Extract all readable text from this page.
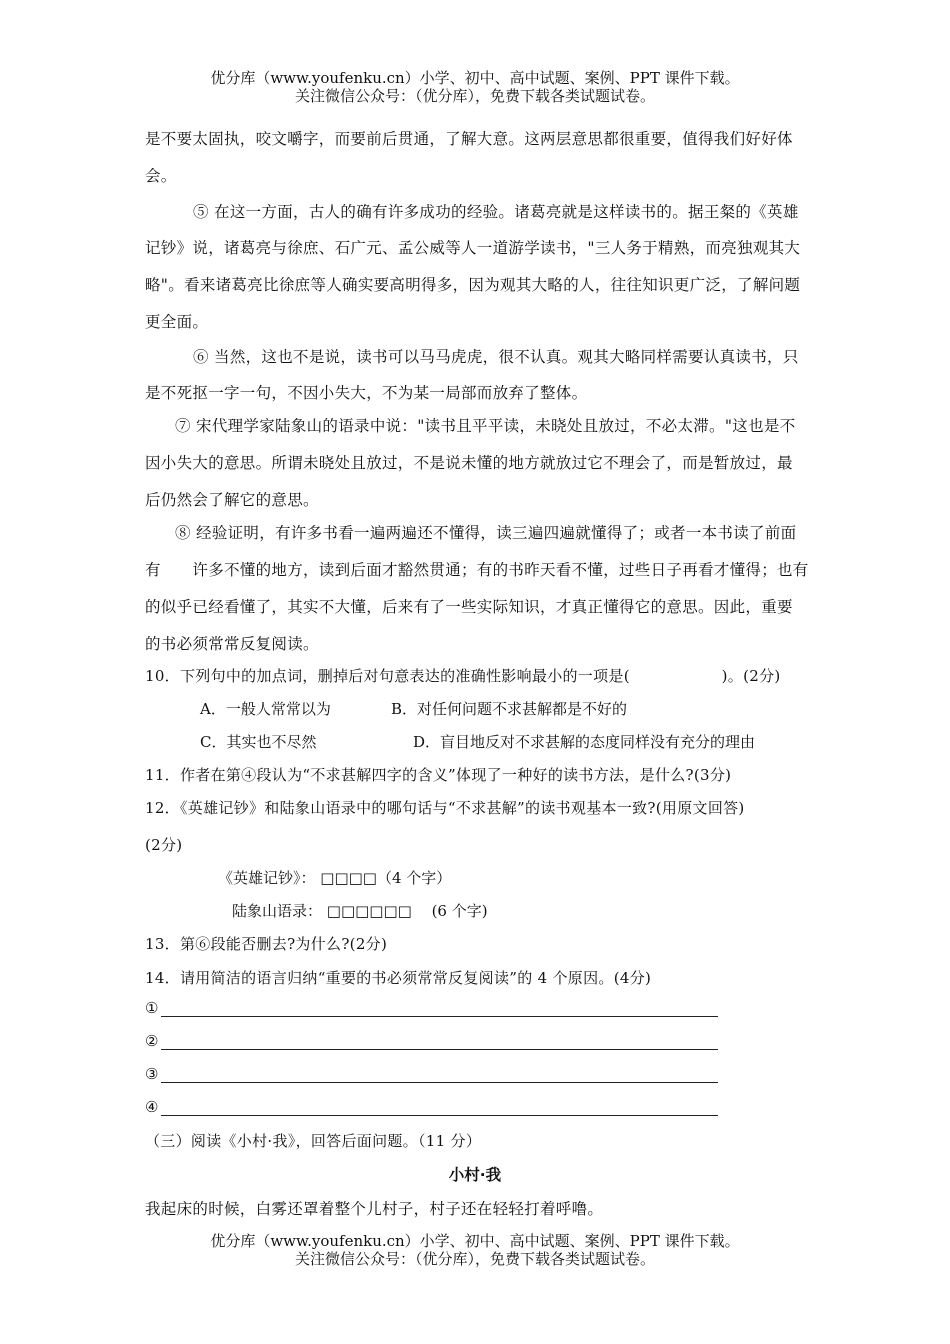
优分库（www.youfenku.cn）小学、初中、高中试题、案例、PPT 课件下载。
关注微信公众号：（优分库），免费下载各类试题试卷。
是不要太固执，咬文嚼字，而要前后贯通，了解大意。这两层意思都很重要，值得我们好好体
会。
⑤ 在这一方面，古人的确有许多成功的经验。诸葛亮就是这样读书的。据王粲的《英雄
记钞》说，诸葛亮与徐庶、石广元、孟公威等人一道游学读书，"三人务于精熟，而亮独观其大
略"。看来诸葛亮比徐庶等人确实要高明得多，因为观其大略的人，往往知识更广泛，了解问题
更全面。
⑥ 当然，这也不是说，读书可以马马虎虎，很不认真。观其大略同样需要认真读书，只
是不死抠一字一句，不因小失大，不为某一局部而放弃了整体。
⑦ 宋代理学家陆象山的语录中说："读书且平平读，未晓处且放过，不必太滞。"这也是不
因小失大的意思。所谓未晓处且放过，不是说未懂的地方就放过它不理会了，而是暂放过，最
后仍然会了解它的意思。
⑧ 经验证明，有许多书看一遍两遍还不懂得，读三遍四遍就懂得了；或者一本书读了前面
有　　许多不懂的地方，读到后面才豁然贯通；有的书昨天看不懂，过些日子再看才懂得；也有
的似乎已经看懂了，其实不大懂，后来有了一些实际知识，才真正懂得它的意思。因此，重要
的书必须常常反复阅读。
10．下列句中的加点词，删掉后对句意表达的准确性影响最小的一项是(　　　　　　)。(2分)
A．一般人常常以为	B．对任何问题不求甚解都是不好的
C．其实也不尽然	D．盲目地反对不求甚解的态度同样没有充分的理由
11．作者在第④段认为“不求甚解四字的含义”体现了一种好的读书方法，是什么?(3分)
12．《英雄记钞》和陆象山语录中的哪句话与“不求甚解”的读书观基本一致?(用原文回答)
(2分)
《英雄记钞》： □□□□（4 个字）
陆象山语录： □□□□□□　 (6 个字)
13．第⑥段能否删去?为什么?(2分)
14．请用简洁的语言归纳“重要的书必须常常反复阅读”的 4 个原因。(4分)
①
②
③
④
（三）阅读《小村·我》，回答后面问题。（11 分）
小村·我
我起床的时候，白雾还罩着整个儿村子，村子还在轻轻打着呼噜。
优分库（www.youfenku.cn）小学、初中、高中试题、案例、PPT 课件下载。
关注微信公众号：（优分库），免费下载各类试题试卷。
